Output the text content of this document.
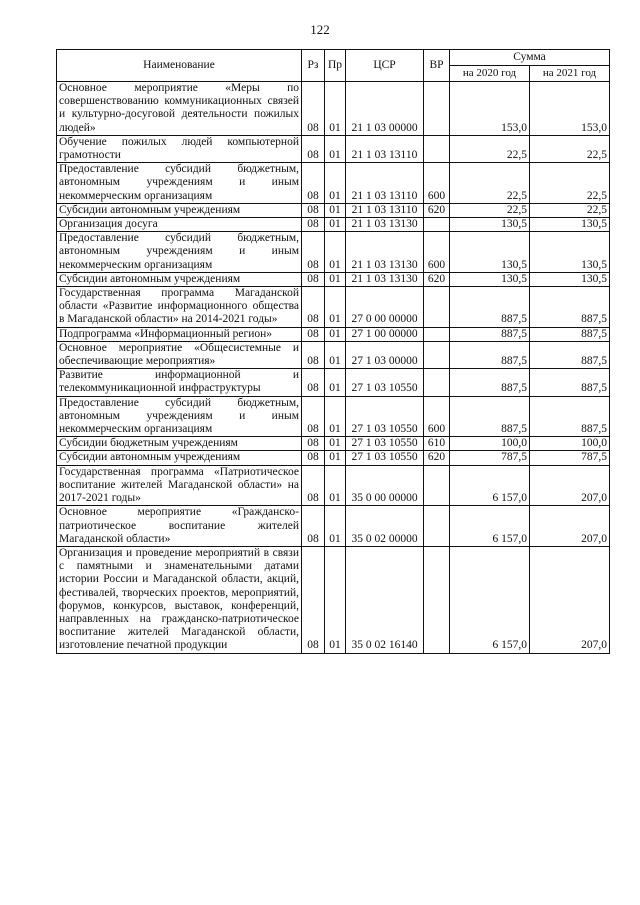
122
Наименование	Рз	Пр	ЦСР	ВР	Сумма	
					на 2020 год	на 2021 год
Основное мероприятие «Меры по совершенствованию коммуникационных связей и культурно-досуговой деятельности пожилых людей»	08	01	21 1 03 00000		153,0	153,0
Обучение пожилых людей компьютерной грамотности	08	01	21 1 03 13110		22,5	22,5
Предоставление субсидий бюджетным, автономным учреждениям и иным некоммерческим организациям	08	01	21 1 03 13110	600	22,5	22,5
Субсидии автономным учреждениям	08	01	21 1 03 13110	620	22,5	22,5
Организация досуга	08	01	21 1 03 13130		130,5	130,5
Предоставление субсидий бюджетным, автономным учреждениям и иным некоммерческим организациям	08	01	21 1 03 13130	600	130,5	130,5
Субсидии автономным учреждениям	08	01	21 1 03 13130	620	130,5	130,5
Государственная программа Магаданской области «Развитие информационного общества в Магаданской области» на 2014-2021 годы»	08	01	27 0 00 00000		887,5	887,5
Подпрограмма «Информационный регион»	08	01	27 1 00 00000		887,5	887,5
Основное мероприятие «Общесистемные и обеспечивающие мероприятия»	08	01	27 1 03 00000		887,5	887,5
Развитие информационной и телекоммуникационной инфраструктуры	08	01	27 1 03 10550		887,5	887,5
Предоставление субсидий бюджетным, автономным учреждениям и иным некоммерческим организациям	08	01	27 1 03 10550	600	887,5	887,5
Субсидии бюджетным учреждениям	08	01	27 1 03 10550	610	100,0	100,0
Субсидии автономным учреждениям	08	01	27 1 03 10550	620	787,5	787,5
Государственная программа «Патриотическое воспитание жителей Магаданской области» на 2017-2021 годы»	08	01	35 0 00 00000		6 157,0	207,0
Основное мероприятие «Гражданско-патриотическое воспитание жителей Магаданской области»	08	01	35 0 02 00000		6 157,0	207,0
Организация и проведение мероприятий в связи с памятными и знаменательными датами истории России и Магаданской области, акций, фестивалей, творческих проектов, мероприятий, форумов, конкурсов, выставок, конференций, направленных на гражданско-патриотическое воспитание жителей Магаданской области, изготовление печатной продукции	08	01	35 0 02 16140		6 157,0	207,0
